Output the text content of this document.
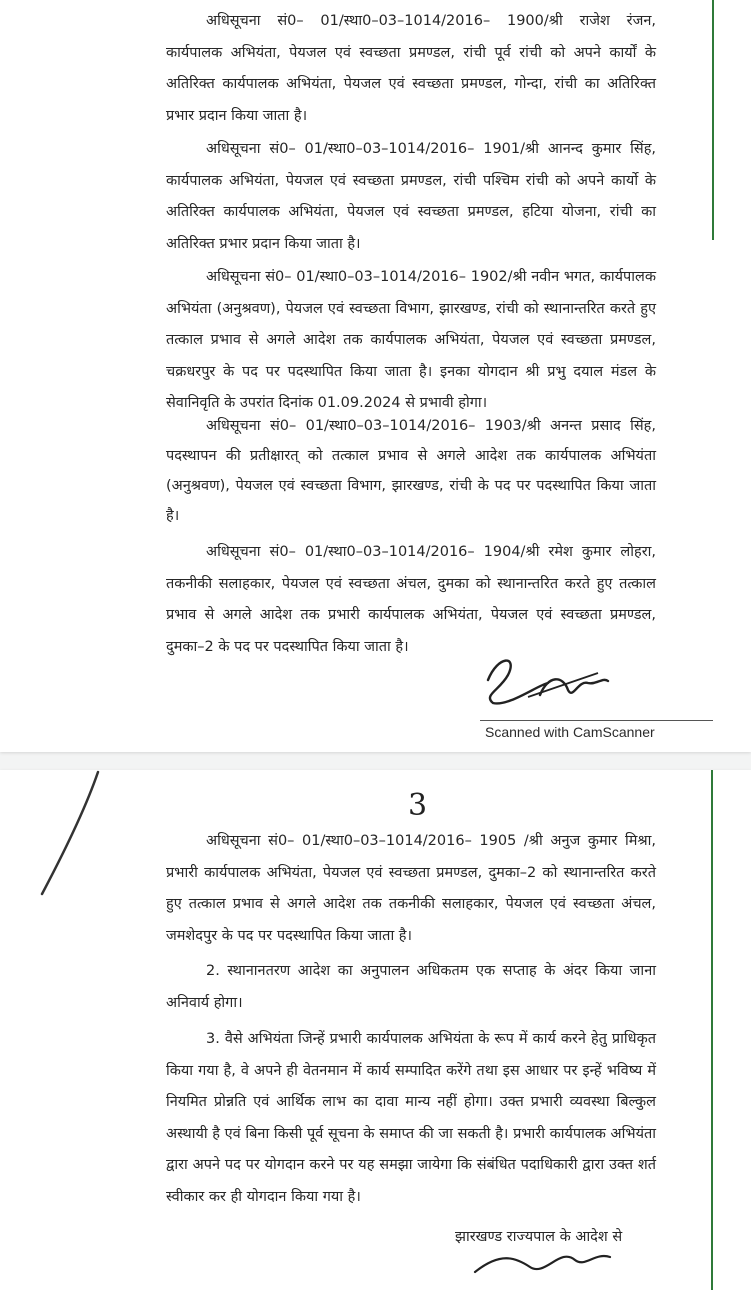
अधिसूचना सं0– 01/स्था0–03–1014/2016– 1900/श्री राजेश रंजन, कार्यपालक अभियंता, पेयजल एवं स्वच्छता प्रमण्डल, रांची पूर्व रांची को अपने कार्यों के अतिरिक्त कार्यपालक अभियंता, पेयजल एवं स्वच्छता प्रमण्डल, गोन्दा, रांची का अतिरिक्त प्रभार प्रदान किया जाता है।

अधिसूचना सं0– 01/स्था0–03–1014/2016– 1901/श्री आनन्द कुमार सिंह, कार्यपालक अभियंता, पेयजल एवं स्वच्छता प्रमण्डल, रांची पश्चिम रांची को अपने कार्यो के अतिरिक्त कार्यपालक अभियंता, पेयजल एवं स्वच्छता प्रमण्डल, हटिया योजना, रांची का अतिरिक्त प्रभार प्रदान किया जाता है।

अधिसूचना सं0– 01/स्था0–03–1014/2016– 1902/श्री नवीन भगत, कार्यपालक अभियंता (अनुश्रवण), पेयजल एवं स्वच्छता विभाग, झारखण्ड, रांची को स्थानान्तरित करते हुए तत्काल प्रभाव से अगले आदेश तक कार्यपालक अभियंता, पेयजल एवं स्वच्छता प्रमण्डल, चक्रधरपुर के पद पर पदस्थापित किया जाता है। इनका योगदान श्री प्रभु दयाल मंडल के सेवानिवृति के उपरांत दिनांक 01.09.2024 से प्रभावी होगा।

अधिसूचना सं0– 01/स्था0–03–1014/2016– 1903/श्री अनन्त प्रसाद सिंह, पदस्थापन की प्रतीक्षारत् को तत्काल प्रभाव से अगले आदेश तक कार्यपालक अभियंता (अनुश्रवण), पेयजल एवं स्वच्छता विभाग, झारखण्ड, रांची के पद पर पदस्थापित किया जाता है।

अधिसूचना सं0– 01/स्था0–03–1014/2016– 1904/श्री रमेश कुमार लोहरा, तकनीकी सलाहकार, पेयजल एवं स्वच्छता अंचल, दुमका को स्थानान्तरित करते हुए तत्काल प्रभाव से अगले आदेश तक प्रभारी कार्यपालक अभियंता, पेयजल एवं स्वच्छता प्रमण्डल, दुमका–2 के पद पर पदस्थापित किया जाता है।

Scanned with CamScanner
3

अधिसूचना सं0– 01/स्था0–03–1014/2016– 1905 /श्री अनुज कुमार मिश्रा, प्रभारी कार्यपालक अभियंता, पेयजल एवं स्वच्छता प्रमण्डल, दुमका–2 को स्थानान्तरित करते हुए तत्काल प्रभाव से अगले आदेश तक तकनीकी सलाहकार, पेयजल एवं स्वच्छता अंचल, जमशेदपुर के पद पर पदस्थापित किया जाता है।

2. स्थानानतरण आदेश का अनुपालन अधिकतम एक सप्ताह के अंदर किया जाना अनिवार्य होगा।

3. वैसे अभियंता जिन्हें प्रभारी कार्यपालक अभियंता के रूप में कार्य करने हेतु प्राधिकृत किया गया है, वे अपने ही वेतनमान में कार्य सम्पादित करेंगे तथा इस आधार पर इन्हें भविष्य में नियमित प्रोन्नति एवं आर्थिक लाभ का दावा मान्य नहीं होगा। उक्त प्रभारी व्यवस्था बिल्कुल अस्थायी है एवं बिना किसी पूर्व सूचना के समाप्त की जा सकती है। प्रभारी कार्यपालक अभियंता द्वारा अपने पद पर योगदान करने पर यह समझा जायेगा कि संबंधित पदाधिकारी द्वारा उक्त शर्त स्वीकार कर ही योगदान किया गया है।

झारखण्ड राज्यपाल के आदेश से
